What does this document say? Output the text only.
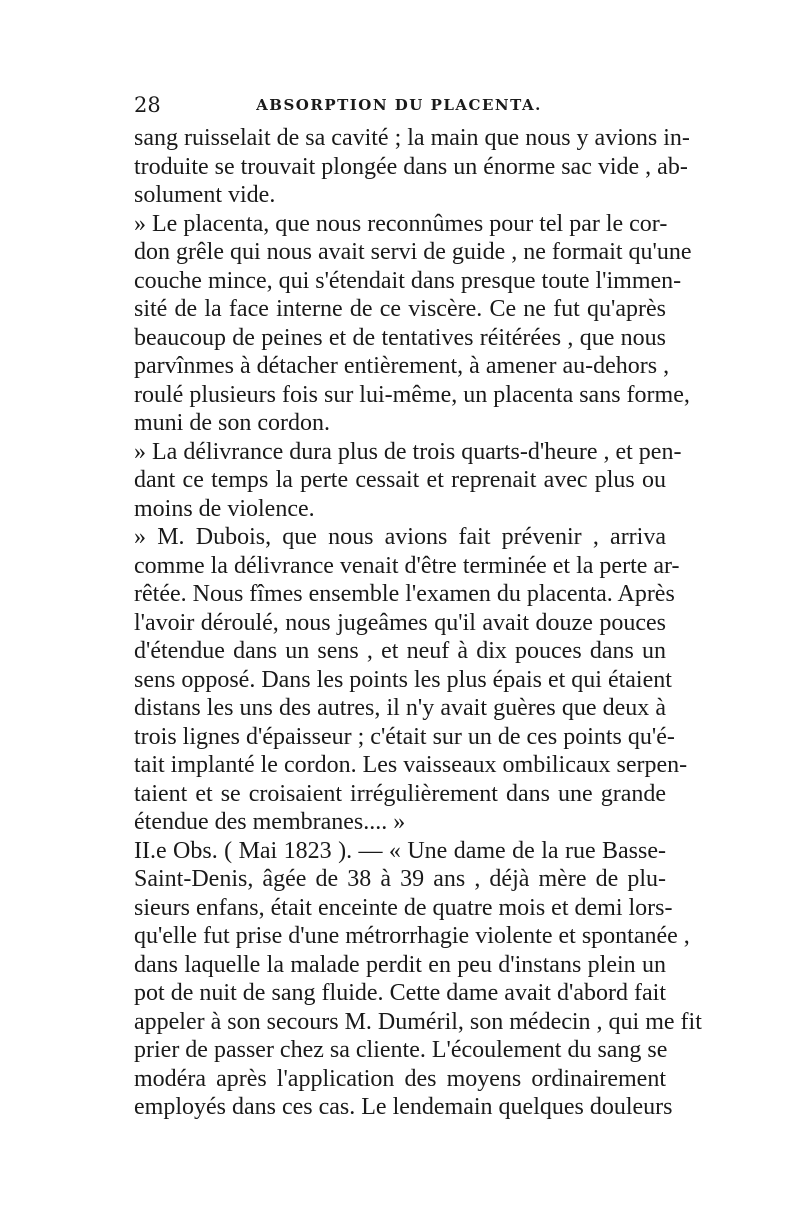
28	ABSORPTION DU PLACENTA.
sang ruisselait de sa cavité ; la main que nous y avions in-
troduite se trouvait plongée dans un énorme sac vide , ab-
solument vide.
» Le placenta, que nous reconnûmes pour tel par le cor-
don grêle qui nous avait servi de guide , ne formait qu'une
couche mince, qui s'étendait dans presque toute l'immen-
sité de la face interne de ce viscère. Ce ne fut qu'après
beaucoup de peines et de tentatives réitérées , que nous
parvînmes à détacher entièrement, à amener au-dehors ,
roulé plusieurs fois sur lui-même, un placenta sans forme,
muni de son cordon.
» La délivrance dura plus de trois quarts-d'heure , et pen-
dant ce temps la perte cessait et reprenait avec plus ou
moins de violence.
» M. Dubois, que nous avions fait prévenir , arriva
comme la délivrance venait d'être terminée et la perte ar-
rêtée. Nous fîmes ensemble l'examen du placenta. Après
l'avoir déroulé, nous jugeâmes qu'il avait douze pouces
d'étendue dans un sens , et neuf à dix pouces dans un
sens opposé. Dans les points les plus épais et qui étaient
distans les uns des autres, il n'y avait guères que deux à
trois lignes d'épaisseur ; c'était sur un de ces points qu'é-
tait implanté le cordon. Les vaisseaux ombilicaux serpen-
taient et se croisaient irrégulièrement dans une grande
étendue des membranes.... »
II.e Obs. ( Mai 1823 ). — « Une dame de la rue Basse-
Saint-Denis, âgée de 38 à 39 ans , déjà mère de plu-
sieurs enfans, était enceinte de quatre mois et demi lors-
qu'elle fut prise d'une métrorrhagie violente et spontanée ,
dans laquelle la malade perdit en peu d'instans plein un
pot de nuit de sang fluide. Cette dame avait d'abord fait
appeler à son secours M. Duméril, son médecin , qui me fit
prier de passer chez sa cliente. L'écoulement du sang se
modéra après l'application des moyens ordinairement
employés dans ces cas. Le lendemain quelques douleurs
